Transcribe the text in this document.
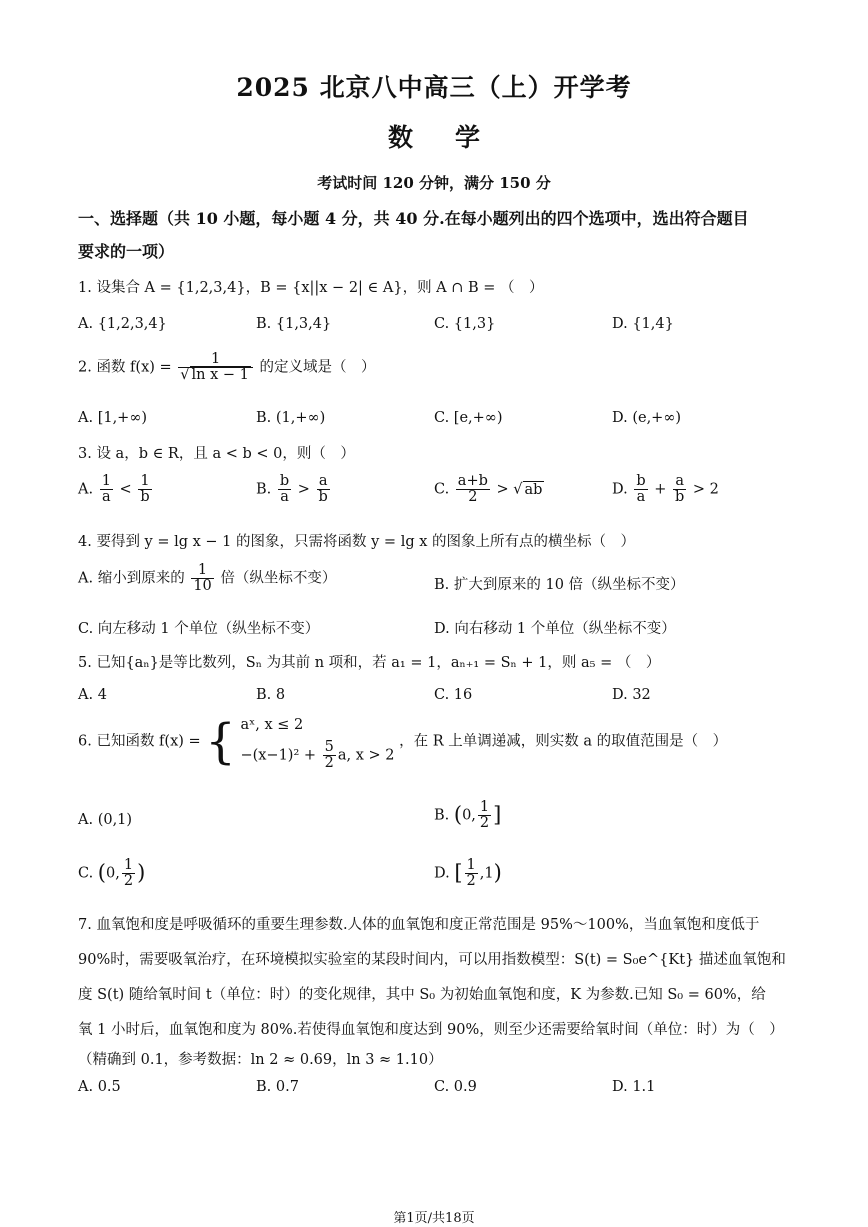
2025 北京八中高三（上）开学考
数学
考试时间 120 分钟，满分 150 分
一、选择题（共 10 小题，每小题 4 分，共 40 分.在每小题列出的四个选项中，选出符合题目
要求的一项）
1. 设集合 A = {1,2,3,4}，B = {x||x − 2| ∈ A}，则 A ∩ B = （　）
A. {1,2,3,4}	B. {1,3,4}	C. {1,3}	D. {1,4}
2. 函数 $f(x) = \frac{1}{\text{√ ln x − 1}}$ 的定义域是（　）
A. [1,+∞)	B. (1,+∞)	C. [e,+∞)	D. (e,+∞)
3. 设 a，b ∈ R，且 a < b < 0，则（　）
A. $\frac{1}{a} < \frac{1}{b}$	B. $\frac{b}{a} > \frac{a}{b}$	C. $\frac{a+b}{2}$ > √ ab	D. $\frac{b}{a} + \frac{a}{b} > 2$
4. 要得到 y = lg x − 1 的图象，只需将函数 y = lg x 的图象上所有点的横坐标（　）
A. 缩小到原来的 $\frac{1}{10}$ 倍（纵坐标不变）	B. 扩大到原来的 10 倍（纵坐标不变）
C. 向左移动 1 个单位（纵坐标不变）	D. 向右移动 1 个单位（纵坐标不变）
5. 已知{aₙ}是等比数列，Sₙ 为其前 n 项和，若 a₁ = 1，aₙ₊₁ = Sₙ + 1，则 a₅ = （　）
A. 4	B. 8	C. 16	D. 32
6. 已知函数 f(x) = { aˣ, x ≤ 2
$-(x-1)^2 + \frac{5}{2} a$, x > 2
，在 R 上单调递减，则实数 a 的取值范围是（　）
A. (0,1)	B. (0, $\frac{1}{2}$ ]
C. (0, $\frac{1}{2}$ )	D. [ $\frac{1}{2} ,1$)
7. 血氧饱和度是呼吸循环的重要生理参数.人体的血氧饱和度正常范围是 95%～100%，当血氧饱和度低于
90%时，需要吸氧治疗，在环境模拟实验室的某段时间内，可以用指数模型：S(t) = S₀e^{Kt} 描述血氧饱和
度 S(t) 随给氧时间 t（单位：时）的变化规律，其中 S₀ 为初始血氧饱和度，K 为参数.已知 S₀ = 60%，给
氧 1 小时后，血氧饱和度为 80%.若使得血氧饱和度达到 90%，则至少还需要给氧时间（单位：时）为（　）
（精确到 0.1，参考数据：ln 2 ≈ 0.69，ln 3 ≈ 1.10）
A. 0.5	B. 0.7	C. 0.9	D. 1.1
第1页/共18页
